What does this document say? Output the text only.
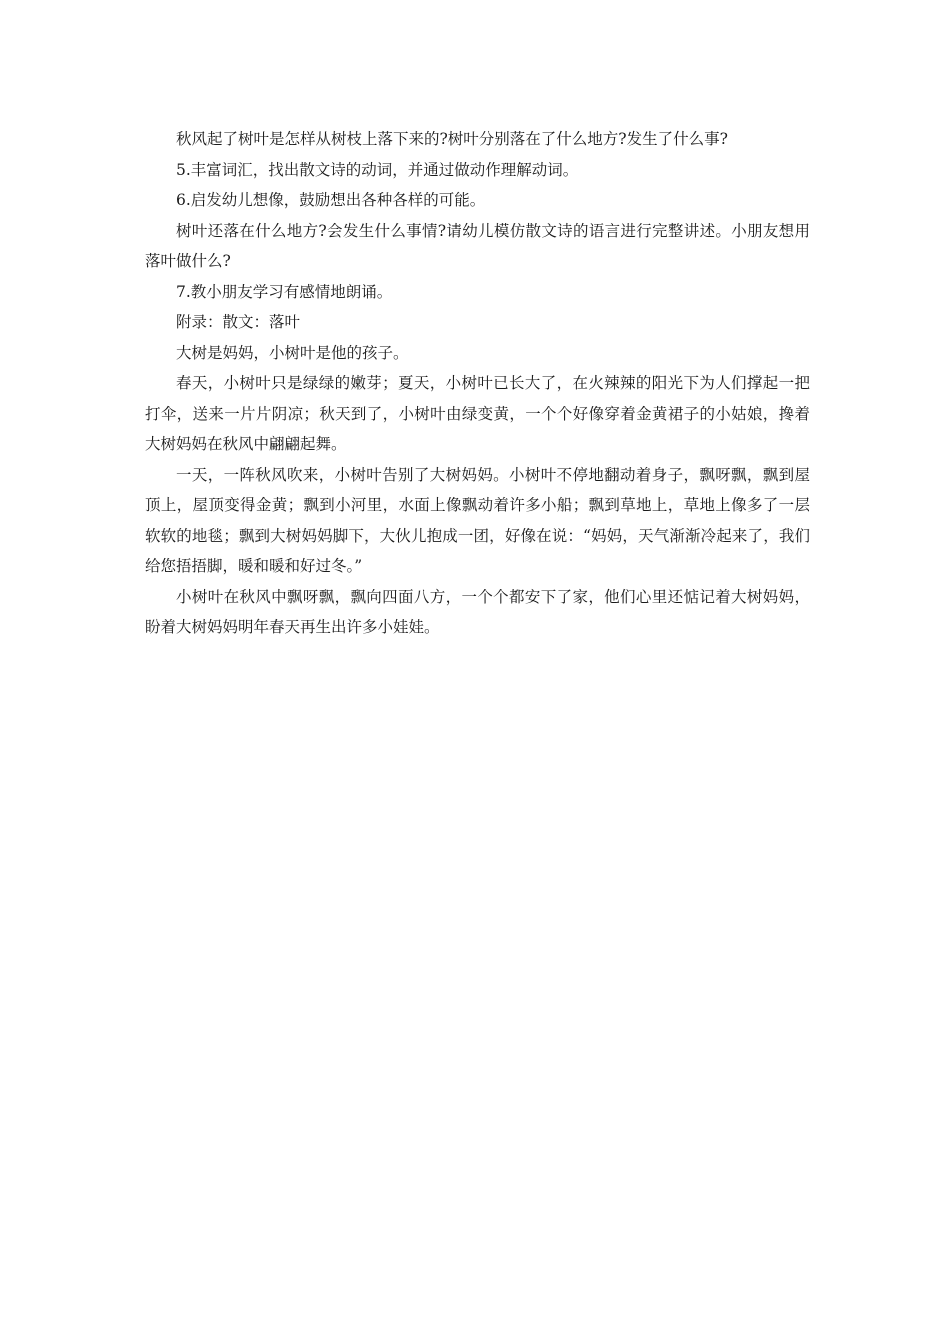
秋风起了树叶是怎样从树枝上落下来的?树叶分别落在了什么地方?发生了什么事?

5.丰富词汇，找出散文诗的动词，并通过做动作理解动词。

6.启发幼儿想像，鼓励想出各种各样的可能。

树叶还落在什么地方?会发生什么事情?请幼儿模仿散文诗的语言进行完整讲述。小朋友想用落叶做什么?

7.教小朋友学习有感情地朗诵。

附录：散文：落叶

大树是妈妈，小树叶是他的孩子。

春天，小树叶只是绿绿的嫩芽；夏天，小树叶已长大了，在火辣辣的阳光下为人们撑起一把打伞，送来一片片阴凉；秋天到了，小树叶由绿变黄，一个个好像穿着金黄裙子的小姑娘，搀着大树妈妈在秋风中翩翩起舞。

一天，一阵秋风吹来，小树叶告别了大树妈妈。小树叶不停地翻动着身子，飘呀飘，飘到屋顶上，屋顶变得金黄；飘到小河里，水面上像飘动着许多小船；飘到草地上，草地上像多了一层软软的地毯；飘到大树妈妈脚下，大伙儿抱成一团，好像在说：“妈妈，天气渐渐冷起来了，我们给您捂捂脚，暖和暖和好过冬。”

小树叶在秋风中飘呀飘，飘向四面八方，一个个都安下了家，他们心里还惦记着大树妈妈，盼着大树妈妈明年春天再生出许多小娃娃。
